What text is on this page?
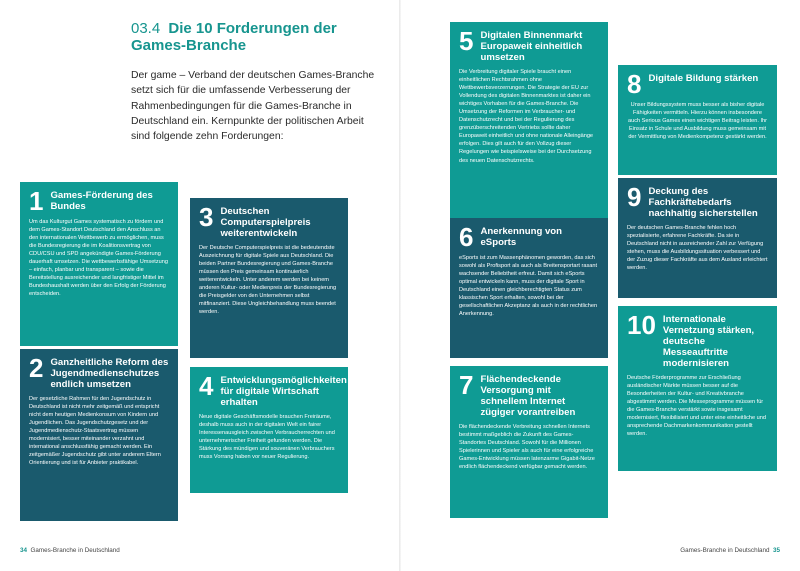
03.4 Die 10 Forderungen der Games-Branche

Der game – Verband der deutschen Games-Branche setzt sich für die umfassende Verbesserung der Rahmenbedingungen für die Games-Branche in Deutschland ein. Kernpunkte der politischen Arbeit sind folgende zehn Forderungen:

1 Games-Förderung des Bundes

Um das Kulturgut Games systematisch zu fördern und dem Games-Standort Deutschland den Anschluss an den internationalen Wettbewerb zu ermöglichen, muss die Bundesregierung die im Koalitionsvertrag von CDU/CSU und SPD angekündigte Games-Förderung dauerhaft umsetzen. Die wettbewerbsfähige Umsetzung – einfach, planbar und transparent – sowie die Bereitstellung ausreichender und langfristiger Mittel im Bundeshaushalt werden über den Erfolg der Förderung entscheiden.

2 Ganzheitliche Reform des Jugendmedienschutzes endlich umsetzen

Der gesetzliche Rahmen für den Jugendschutz in Deutschland ist nicht mehr zeitgemäß und entspricht nicht dem heutigen Medienkonsum von Kindern und Jugendlichen. Das Jugendschutzgesetz und der Jugendmedienschutz-Staatsvertrag müssen modernisiert, besser miteinander verzahnt und international anschlussfähig gemacht werden. Ein zeitgemäßer Jugendschutz gibt unter anderem Eltern Orientierung und ist für Anbieter praktikabel.

3 Deutschen Computerspielpreis weiterentwickeln

Der Deutsche Computerspielpreis ist die bedeutendste Auszeichnung für digitale Spiele aus Deutschland. Die beiden Partner Bundesregierung und Games-Branche müssen den Preis gemeinsam kontinuierlich weiterentwickeln. Unter anderem werden bei keinem anderen Kultur- oder Medienpreis der Bundesregierung die Preisgelder von den Unternehmen selbst mitfinanziert. Diese Ungleichbehandlung muss beendet werden.

4 Entwicklungsmöglichkeiten für digitale Wirtschaft erhalten

Neue digitale Geschäftsmodelle brauchen Freiräume, deshalb muss auch in der digitalen Welt ein fairer Interessenausgleich zwischen Verbraucherrechten und unternehmerischer Freiheit gefunden werden. Die Stärkung des mündigen und souveränen Verbrauchers muss Vorrang haben vor neuer Regulierung.

34 Games-Branche in Deutschland
5 Digitalen Binnenmarkt Europaweit einheitlich umsetzen

Die Verbreitung digitaler Spiele braucht einen einheitlichen Rechtsrahmen ohne Wettbewerbsverzerrungen. Die Strategie der EU zur Vollendung des digitalen Binnenmarktes ist daher ein wichtiges Vorhaben für die Games-Branche. Die Umsetzung der Reformen im Verbraucher- und Datenschutzrecht und bei der Regulierung des grenzüberschreitenden Vertriebs sollte daher Europaweit einheitlich und ohne nationale Alleingänge erfolgen. Dies gilt auch für den Vollzug dieser Regelungen wie beispielsweise bei der Durchsetzung des neuen Datenschutzrechts.

6 Anerkennung von eSports

eSports ist zum Massenphänomen geworden, das sich sowohl als Profisport als auch als Breitensportart rasant wachsender Beliebtheit erfreut. Damit sich eSports optimal entwickeln kann, muss der digitale Sport in Deutschland einen gleichberechtigten Status zum klassischen Sport erhalten, sowohl bei der gesellschaftlichen Akzeptanz als auch in der rechtlichen Anerkennung.

7 Flächendeckende Versorgung mit schnellem Internet zügiger vorantreiben

Die flächendeckende Verbreitung schnellen Internets bestimmt maßgeblich die Zukunft des Games-Standortes Deutschland. Sowohl für die Millionen Spielerinnen und Spieler als auch für eine erfolgreiche Games-Entwicklung müssen latenzarme Gigabit-Netze endlich flächendeckend verfügbar gemacht werden.

8 Digitale Bildung stärken

Unser Bildungssystem muss besser als bisher digitale Fähigkeiten vermitteln. Hierzu können insbesondere auch Serious Games einen wichtigen Beitrag leisten. Ihr Einsatz in Schule und Ausbildung muss gemeinsam mit der Vermittlung von Medienkompetenz gestärkt werden.

9 Deckung des Fachkräftebedarfs nachhaltig sicherstellen

Der deutschen Games-Branche fehlen hoch spezialisierte, erfahrene Fachkräfte. Da sie in Deutschland nicht in ausreichender Zahl zur Verfügung stehen, muss die Ausbildungssituation verbessert und der Zuzug dieser Fachkräfte aus dem Ausland erleichtert werden.

10 Internationale Vernetzung stärken, deutsche Messeauftritte modernisieren

Deutsche Förderprogramme zur Erschließung ausländischer Märkte müssen besser auf die Besonderheiten der Kultur- und Kreativbranche abgestimmt werden. Die Messeprogramme müssen für die Games-Branche verstärkt sowie insgesamt modernisiert, flexibilisiert und unter eine einheitliche und ansprechende Dachmarkenkommunikation gestellt werden.

Games-Branche in Deutschland 35
